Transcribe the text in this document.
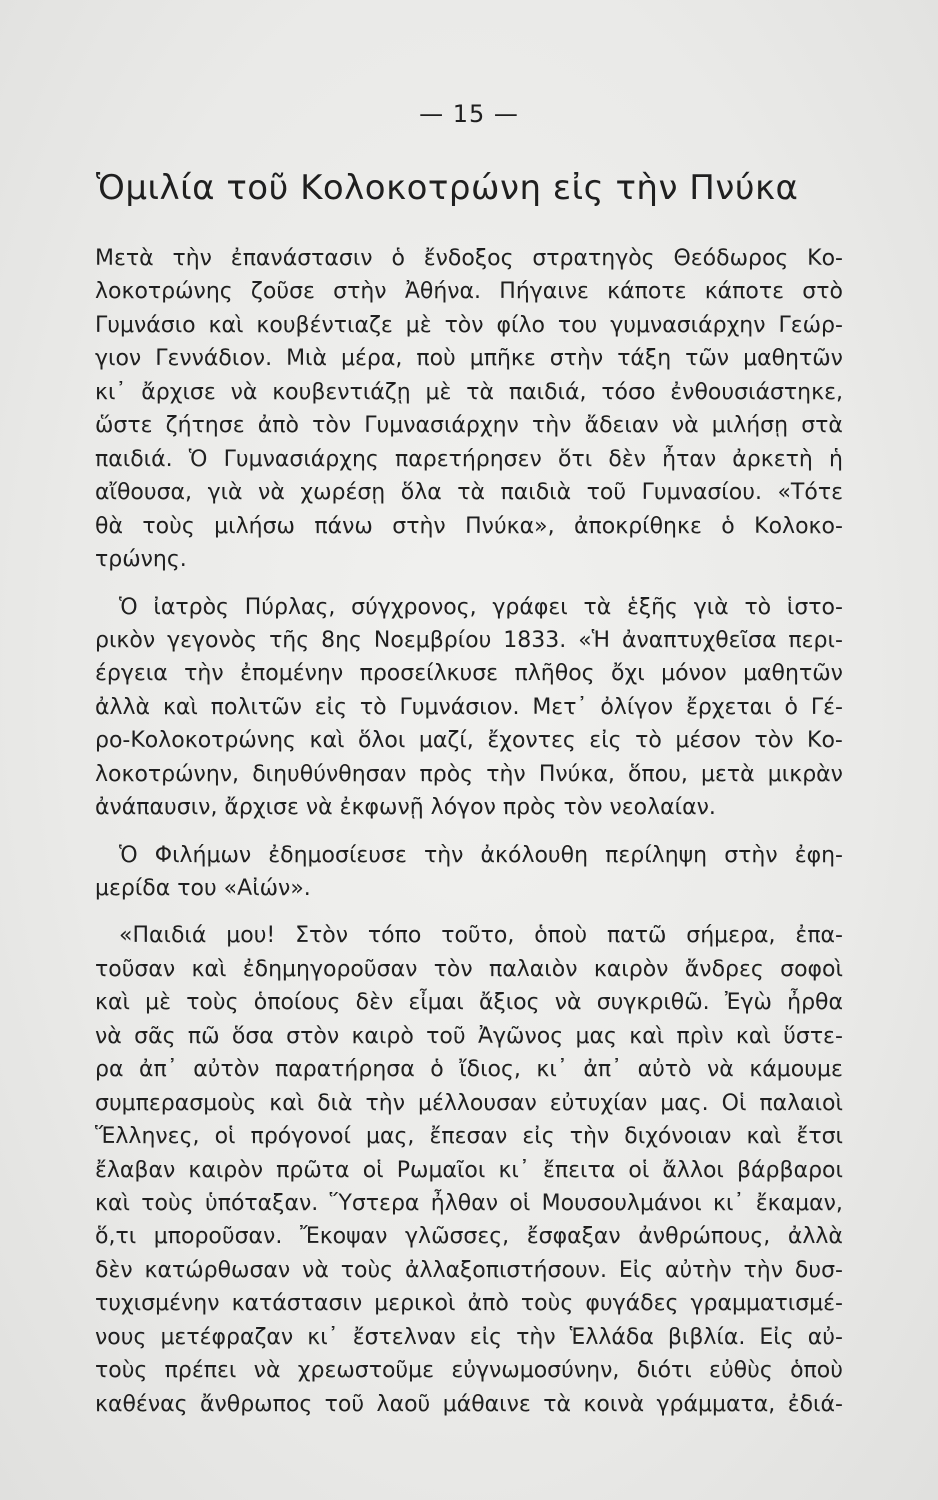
— 15 —
Ὁμιλία τοῦ Κολοκοτρώνη εἰς τὴν Πνύκα
Μετὰ τὴν ἐπανάστασιν ὁ ἔνδοξος στρατηγὸς Θεόδωρος Κο-
λοκοτρώνης ζοῦσε στὴν Ἀθήνα. Πήγαινε κάποτε κάποτε στὸ
Γυμνάσιο καὶ κουβέντιαζε μὲ τὸν φίλο του γυμνασιάρχην Γεώρ-
γιον Γεννάδιον. Μιὰ μέρα, ποὺ μπῆκε στὴν τάξη τῶν μαθητῶν
κι᾿ ἄρχισε νὰ κουβεντιάζῃ μὲ τὰ παιδιά, τόσο ἐνθουσιάστηκε,
ὥστε ζήτησε ἀπὸ τὸν Γυμνασιάρχην τὴν ἄδειαν νὰ μιλήσῃ στὰ
παιδιά. Ὁ Γυμνασιάρχης παρετήρησεν ὅτι δὲν ἦταν ἀρκετὴ ἡ
αἴθουσα, γιὰ νὰ χωρέσῃ ὅλα τὰ παιδιὰ τοῦ Γυμνασίου. «Τότε
θὰ τοὺς μιλήσω πάνω στὴν Πνύκα», ἀποκρίθηκε ὁ Κολοκο-
τρώνης.
Ὁ ἰατρὸς Πύρλας, σύγχρονος, γράφει τὰ ἑξῆς γιὰ τὸ ἱστο-
ρικὸν γεγονὸς τῆς 8ης Νοεμβρίου 1833. «Ἡ ἀναπτυχθεῖσα περι-
έργεια τὴν ἐπομένην προσείλκυσε πλῆθος ὄχι μόνον μαθητῶν
ἀλλὰ καὶ πολιτῶν εἰς τὸ Γυμνάσιον. Μετ᾿ ὀλίγον ἔρχεται ὁ Γέ-
ρο-Κολοκοτρώνης καὶ ὅλοι μαζί, ἔχοντες εἰς τὸ μέσον τὸν Κο-
λοκοτρώνην, διηυθύνθησαν πρὸς τὴν Πνύκα, ὅπου, μετὰ μικρὰν
ἀνάπαυσιν, ἄρχισε νὰ ἐκφωνῇ λόγον πρὸς τὸν νεολαίαν.
Ὁ Φιλήμων ἐδημοσίευσε τὴν ἀκόλουθη περίληψη στὴν ἐφη-
μερίδα του «Αἰών».
«Παιδιά μου! Στὸν τόπο τοῦτο, ὁποὺ πατῶ σήμερα, ἐπα-
τοῦσαν καὶ ἐδημηγοροῦσαν τὸν παλαιὸν καιρὸν ἄνδρες σοφοὶ
καὶ μὲ τοὺς ὁποίους δὲν εἶμαι ἄξιος νὰ συγκριθῶ. Ἐγὼ ἦρθα
νὰ σᾶς πῶ ὅσα στὸν καιρὸ τοῦ Ἀγῶνος μας καὶ πρὶν καὶ ὕστε-
ρα ἀπ᾿ αὐτὸν παρατήρησα ὁ ἴδιος, κι᾿ ἀπ᾿ αὐτὸ νὰ κάμουμε
συμπερασμοὺς καὶ διὰ τὴν μέλλουσαν εὐτυχίαν μας. Οἱ παλαιοὶ
Ἕλληνες, οἱ πρόγονοί μας, ἔπεσαν εἰς τὴν διχόνοιαν καὶ ἔτσι
ἔλαβαν καιρὸν πρῶτα οἱ Ρωμαῖοι κι᾿ ἔπειτα οἱ ἄλλοι βάρβαροι
καὶ τοὺς ὑπόταξαν. Ὕστερα ἦλθαν οἱ Μουσουλμάνοι κι᾿ ἔκαμαν,
ὅ,τι μποροῦσαν. Ἔκοψαν γλῶσσες, ἔσφαξαν ἀνθρώπους, ἀλλὰ
δὲν κατώρθωσαν νὰ τοὺς ἀλλαξοπιστήσουν. Εἰς αὐτὴν τὴν δυσ-
τυχισμένην κατάστασιν μερικοὶ ἀπὸ τοὺς φυγάδες γραμματισμέ-
νους μετέφραζαν κι᾿ ἔστελναν εἰς τὴν Ἑλλάδα βιβλία. Εἰς αὐ-
τοὺς πρέπει νὰ χρεωστοῦμε εὐγνωμοσύνην, διότι εὐθὺς ὁποὺ
καθένας ἄνθρωπος τοῦ λαοῦ μάθαινε τὰ κοινὰ γράμματα, ἐδιά-
